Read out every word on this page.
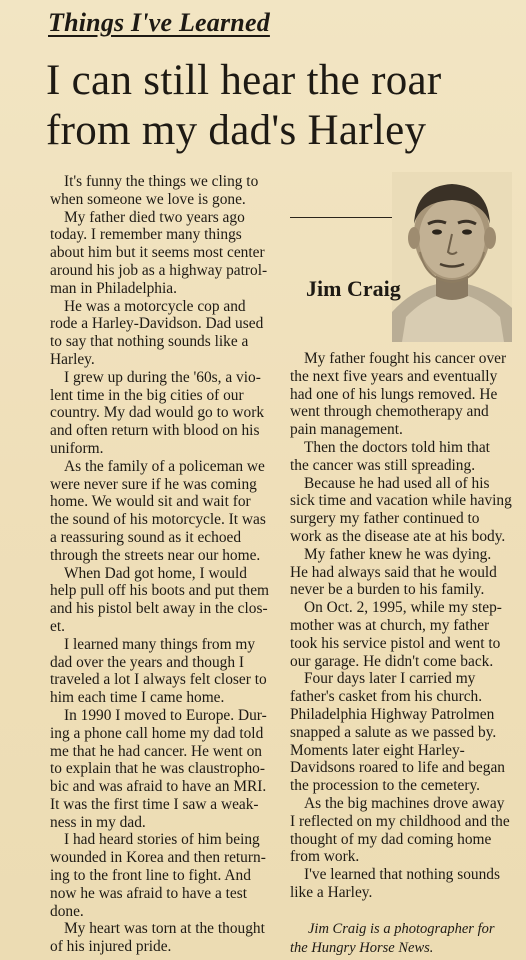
Things I've Learned
I can still hear the roar
from my dad's Harley

It's funny the things we cling to
when someone we love is gone.

My father died two years ago
today. I remember many things
about him but it seems most center
around his job as a highway patrol-
man in Philadelphia.

He was a motorcycle cop and
rode a Harley-Davidson. Dad used
to say that nothing sounds like a
Harley.

I grew up during the '60s, a vio-
lent time in the big cities of our
country. My dad would go to work
and often return with blood on his
uniform.

As the family of a policeman we
were never sure if he was coming
home. We would sit and wait for
the sound of his motorcycle. It was
a reassuring sound as it echoed
through the streets near our home.

When Dad got home, I would
help pull off his boots and put them
and his pistol belt away in the clos-
et.

I learned many things from my
dad over the years and though I
traveled a lot I always felt closer to
him each time I came home.

In 1990 I moved to Europe. Dur-
ing a phone call home my dad told
me that he had cancer. He went on
to explain that he was claustropho-
bic and was afraid to have an MRI.
It was the first time I saw a weak-
ness in my dad.

I had heard stories of him being
wounded in Korea and then return-
ing to the front line to fight. And
now he was afraid to have a test
done.

My heart was torn at the thought
of his injured pride.

Jim Craig

My father fought his cancer over
the next five years and eventually
had one of his lungs removed. He
went through chemotherapy and
pain management.

Then the doctors told him that
the cancer was still spreading.

Because he had used all of his
sick time and vacation while having
surgery my father continued to
work as the disease ate at his body.

My father knew he was dying.
He had always said that he would
never be a burden to his family.

On Oct. 2, 1995, while my step-
mother was at church, my father
took his service pistol and went to
our garage. He didn't come back.

Four days later I carried my
father's casket from his church.
Philadelphia Highway Patrolmen
snapped a salute as we passed by.
Moments later eight Harley-
Davidsons roared to life and began
the procession to the cemetery.

As the big machines drove away
I reflected on my childhood and the
thought of my dad coming home
from work.

I've learned that nothing sounds
like a Harley.

Jim Craig is a photographer for
the Hungry Horse News.
